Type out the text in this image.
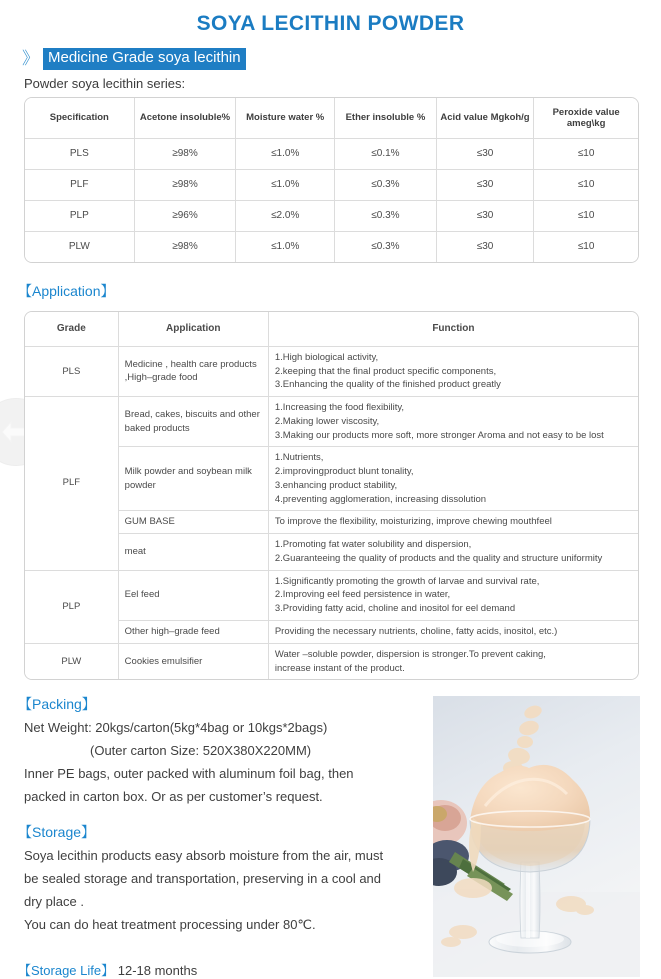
SOYA LECITHIN POWDER
》 Medicine Grade soya lecithin
Powder soya lecithin series:
Specification	Acetone insoluble%	Moisture water %	Ether insoluble %	Acid value Mgkoh/g	Peroxide value ameg\kg
PLS	≥98%	≤1.0%	≤0.1%	≤30	≤10
PLF	≥98%	≤1.0%	≤0.3%	≤30	≤10
PLP	≥96%	≤2.0%	≤0.3%	≤30	≤10
PLW	≥98%	≤1.0%	≤0.3%	≤30	≤10
【Application】
Grade	Application	Function
PLS	Medicine , health care products ,High–grade food	1.High biological activity,
2.keeping that the final product specific components,
3.Enhancing the quality of the finished product greatly

PLF	Bread, cakes, biscuits and other baked products	1.Increasing the food flexibility,
2.Making lower viscosity,
3.Making our products more soft, more stronger Aroma and not easy to be lost

	Milk powder and soybean milk powder	1.Nutrients,
2.improvingproduct blunt tonality,
3.enhancing product stability,
4.preventing agglomeration, increasing dissolution

	GUM BASE	To improve the flexibility, moisturizing, improve chewing mouthfeel

	meat	1.Promoting fat water solubility and dispersion,
2.Guaranteeing the quality of products and the quality and structure uniformity

PLP	Eel feed	1.Significantly promoting the growth of larvae and survival rate,
2.Improving eel feed persistence in water,
3.Providing fatty acid, choline and inositol for eel demand

	Other high–grade feed	Providing the necessary nutrients, choline, fatty acids, inositol, etc.)

PLW	Cookies emulsifier	Water –soluble powder, dispersion is stronger.To prevent caking,
increase instant of the product.
【Packing】
Net Weight: 20kgs/carton(5kg*4bag or 10kgs*2bags)
(Outer carton Size: 520X380X220MM)
Inner PE bags, outer packed with aluminum foil bag, then
packed in carton box. Or as per customer’s request.
【Storage】
Soya lecithin products easy absorb moisture from the air, must
be sealed storage and transportation, preserving in a cool and
dry place .
You can do heat treatment processing under 80℃.
【Storage Life】 12-18 months
